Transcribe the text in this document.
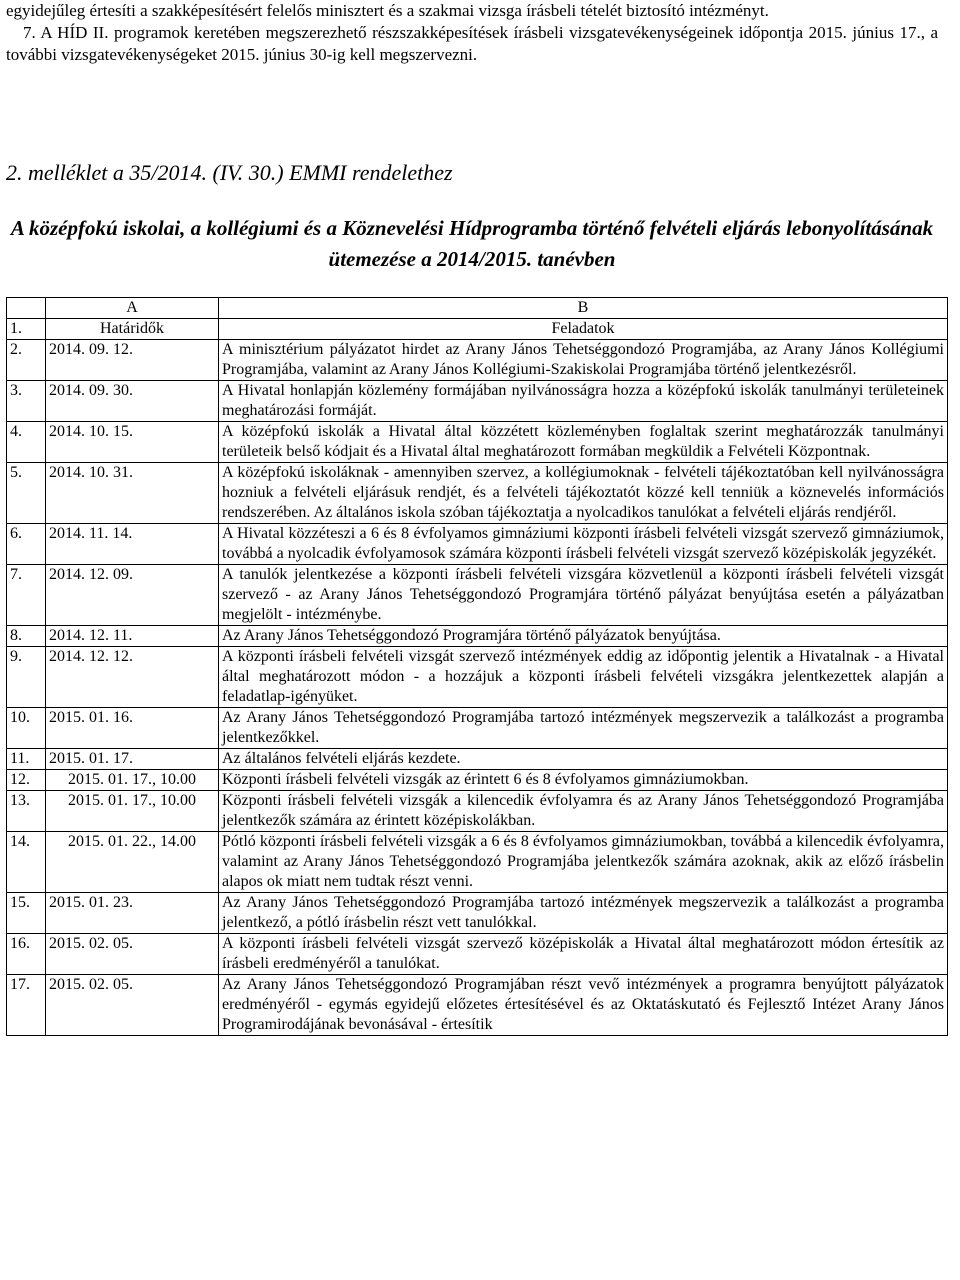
egyidejűleg értesíti a szakképesítésért felelős minisztert és a szakmai vizsga írásbeli tételét biztosító intézményt.

7. A HÍD II. programok keretében megszerezhető részszakképesítések írásbeli vizsgatevékenységeinek időpontja 2015. június 17., a további vizsgatevékenységeket 2015. június 30-ig kell megszervezni.

2. melléklet a 35/2014. (IV. 30.) EMMI rendelethez
A középfokú iskolai, a kollégiumi és a Köznevelési Hídprogramba történő felvételi eljárás lebonyolításának ütemezése a 2014/2015. tanévben
	A	B
1.	Határidők	Feladatok
2.	2014. 09. 12.	A minisztérium pályázatot hirdet az Arany János Tehetséggondozó Programjába, az Arany János Kollégiumi Programjába, valamint az Arany János Kollégiumi-Szakiskolai Programjába történő jelentkezésről.
3.	2014. 09. 30.	A Hivatal honlapján közlemény formájában nyilvánosságra hozza a középfokú iskolák tanulmányi területeinek meghatározási formáját.
4.	2014. 10. 15.	A középfokú iskolák a Hivatal által közzétett közleményben foglaltak szerint meghatározzák tanulmányi területeik belső kódjait és a Hivatal által meghatározott formában megküldik a Felvételi Központnak.
5.	2014. 10. 31.	A középfokú iskoláknak - amennyiben szervez, a kollégiumoknak - felvételi tájékoztatóban kell nyilvánosságra hozniuk a felvételi eljárásuk rendjét, és a felvételi tájékoztatót közzé kell tenniük a köznevelés információs rendszerében. Az általános iskola szóban tájékoztatja a nyolcadikos tanulókat a felvételi eljárás rendjéről.
6.	2014. 11. 14.	A Hivatal közzéteszi a 6 és 8 évfolyamos gimnáziumi központi írásbeli felvételi vizsgát szervező gimnáziumok, továbbá a nyolcadik évfolyamosok számára központi írásbeli felvételi vizsgát szervező középiskolák jegyzékét.
7.	2014. 12. 09.	A tanulók jelentkezése a központi írásbeli felvételi vizsgára közvetlenül a központi írásbeli felvételi vizsgát szervező - az Arany János Tehetséggondozó Programjára történő pályázat benyújtása esetén a pályázatban megjelölt - intézménybe.
8.	2014. 12. 11.	Az Arany János Tehetséggondozó Programjára történő pályázatok benyújtása.
9.	2014. 12. 12.	A központi írásbeli felvételi vizsgát szervező intézmények eddig az időpontig jelentik a Hivatalnak - a Hivatal által meghatározott módon - a hozzájuk a központi írásbeli felvételi vizsgákra jelentkezettek alapján a feladatlap-igényüket.
10.	2015. 01. 16.	Az Arany János Tehetséggondozó Programjába tartozó intézmények megszervezik a találkozást a programba jelentkezőkkel.
11.	2015. 01. 17.	Az általános felvételi eljárás kezdete.
12.	2015. 01. 17., 10.00	Központi írásbeli felvételi vizsgák az érintett 6 és 8 évfolyamos gimnáziumokban.
13.	2015. 01. 17., 10.00	Központi írásbeli felvételi vizsgák a kilencedik évfolyamra és az Arany János Tehetséggondozó Programjába jelentkezők számára az érintett középiskolákban.
14.	2015. 01. 22., 14.00	Pótló központi írásbeli felvételi vizsgák a 6 és 8 évfolyamos gimnáziumokban, továbbá a kilencedik évfolyamra, valamint az Arany János Tehetséggondozó Programjába jelentkezők számára azoknak, akik az előző írásbelin alapos ok miatt nem tudtak részt venni.
15.	2015. 01. 23.	Az Arany János Tehetséggondozó Programjába tartozó intézmények megszervezik a találkozást a programba jelentkező, a pótló írásbelin részt vett tanulókkal.
16.	2015. 02. 05.	A központi írásbeli felvételi vizsgát szervező középiskolák a Hivatal által meghatározott módon értesítik az írásbeli eredményéről a tanulókat.
17.	2015. 02. 05.	Az Arany János Tehetséggondozó Programjában részt vevő intézmények a programra benyújtott pályázatok eredményéről - egymás egyidejű előzetes értesítésével és az Oktatáskutató és Fejlesztő Intézet Arany János Programirodájának bevonásával - értesítik
